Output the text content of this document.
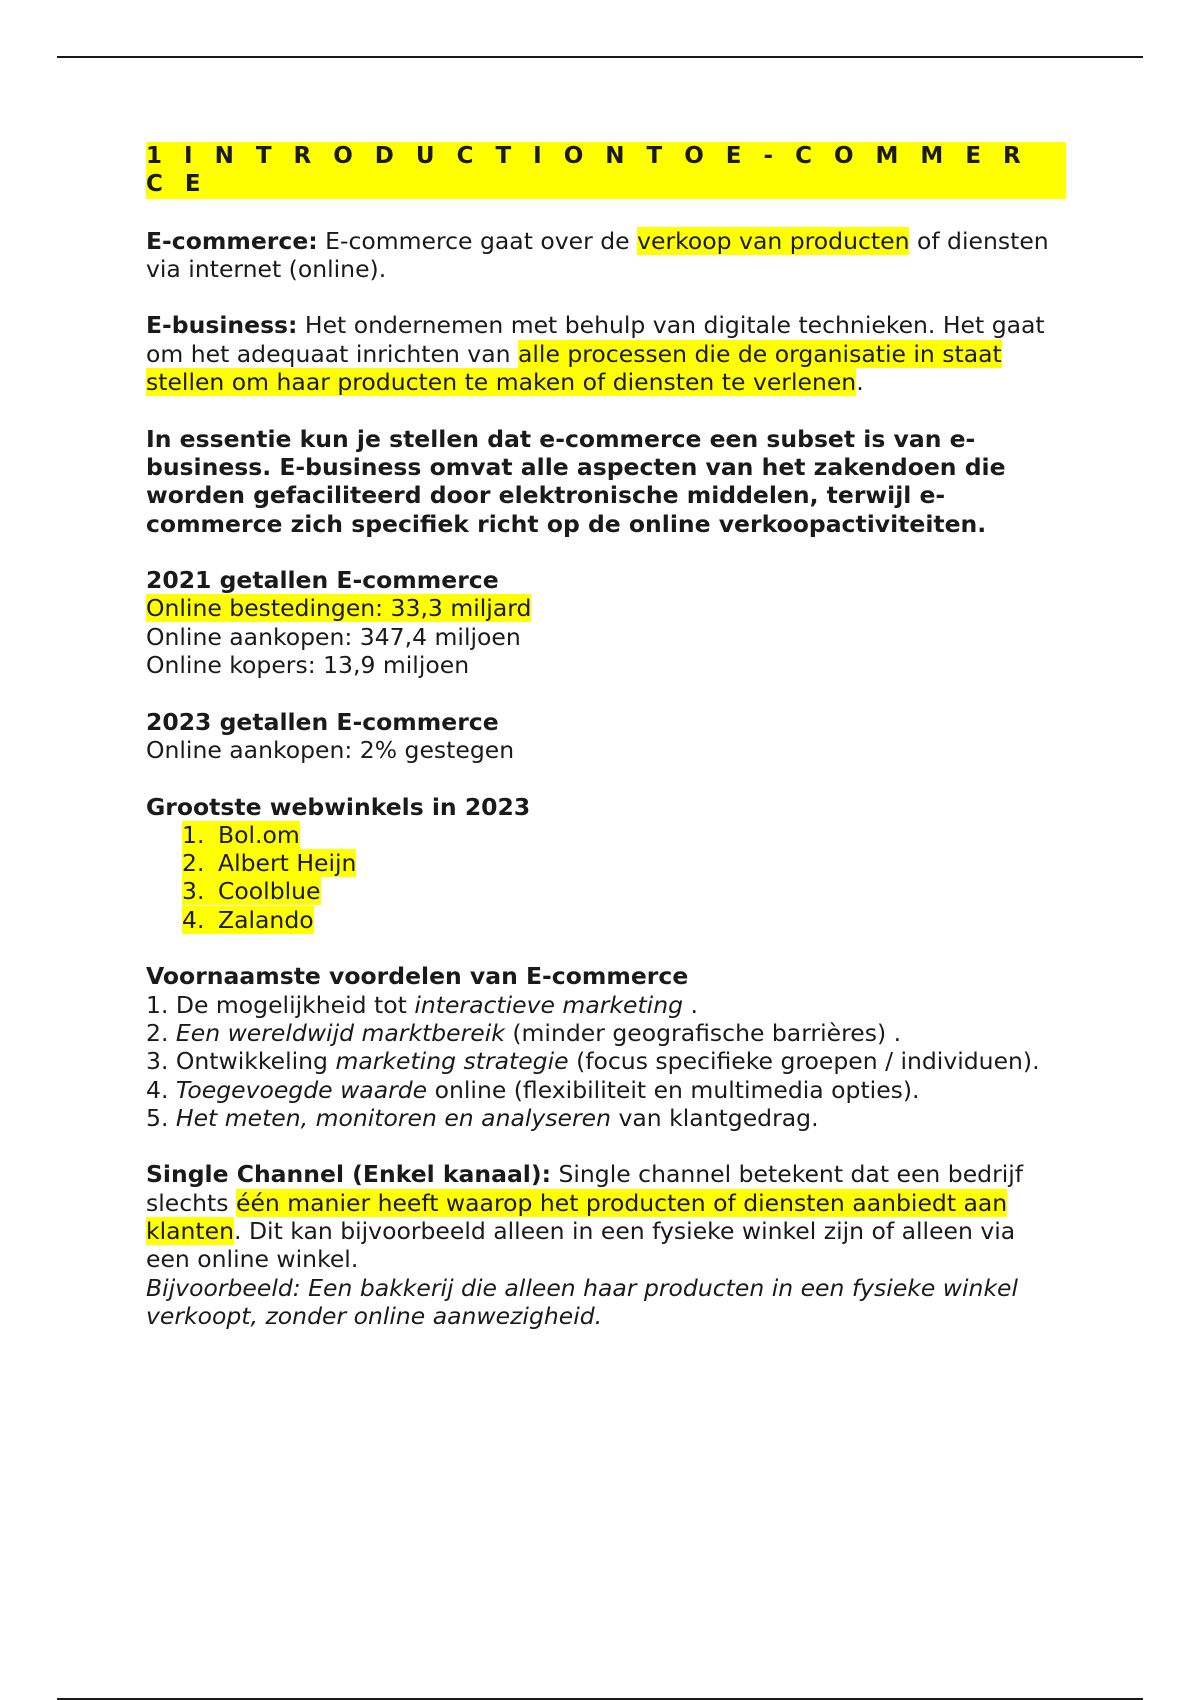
1 I N T R O D U C T I O N T O E - C O M M E R C E

E-commerce: E-commerce gaat over de verkoop van producten of diensten via internet (online).

E-business: Het ondernemen met behulp van digitale technieken. Het gaat om het adequaat inrichten van alle processen die de organisatie in staat stellen om haar producten te maken of diensten te verlenen.

In essentie kun je stellen dat e-commerce een subset is van e-business. E-business omvat alle aspecten van het zakendoen die worden gefaciliteerd door elektronische middelen, terwijl e-commerce zich specifiek richt op de online verkoopactiviteiten.

2021 getallen E-commerce

Online bestedingen: 33,3 miljard

Online aankopen: 347,4 miljoen

Online kopers: 13,9 miljoen

2023 getallen E-commerce

Online aankopen: 2% gestegen

Grootste webwinkels in 2023

1. Bol.om

2. Albert Heijn

3. Coolblue

4. Zalando

Voornaamste voordelen van E-commerce

1. De mogelijkheid tot interactieve marketing .

2. Een wereldwijd marktbereik (minder geografische barrières) .

3. Ontwikkeling marketing strategie (focus specifieke groepen / individuen).

4. Toegevoegde waarde online (flexibiliteit en multimedia opties).

5. Het meten, monitoren en analyseren van klantgedrag.

Single Channel (Enkel kanaal): Single channel betekent dat een bedrijf slechts één manier heeft waarop het producten of diensten aanbiedt aan klanten. Dit kan bijvoorbeeld alleen in een fysieke winkel zijn of alleen via een online winkel.

Bijvoorbeeld: Een bakkerij die alleen haar producten in een fysieke winkel verkoopt, zonder online aanwezigheid.
